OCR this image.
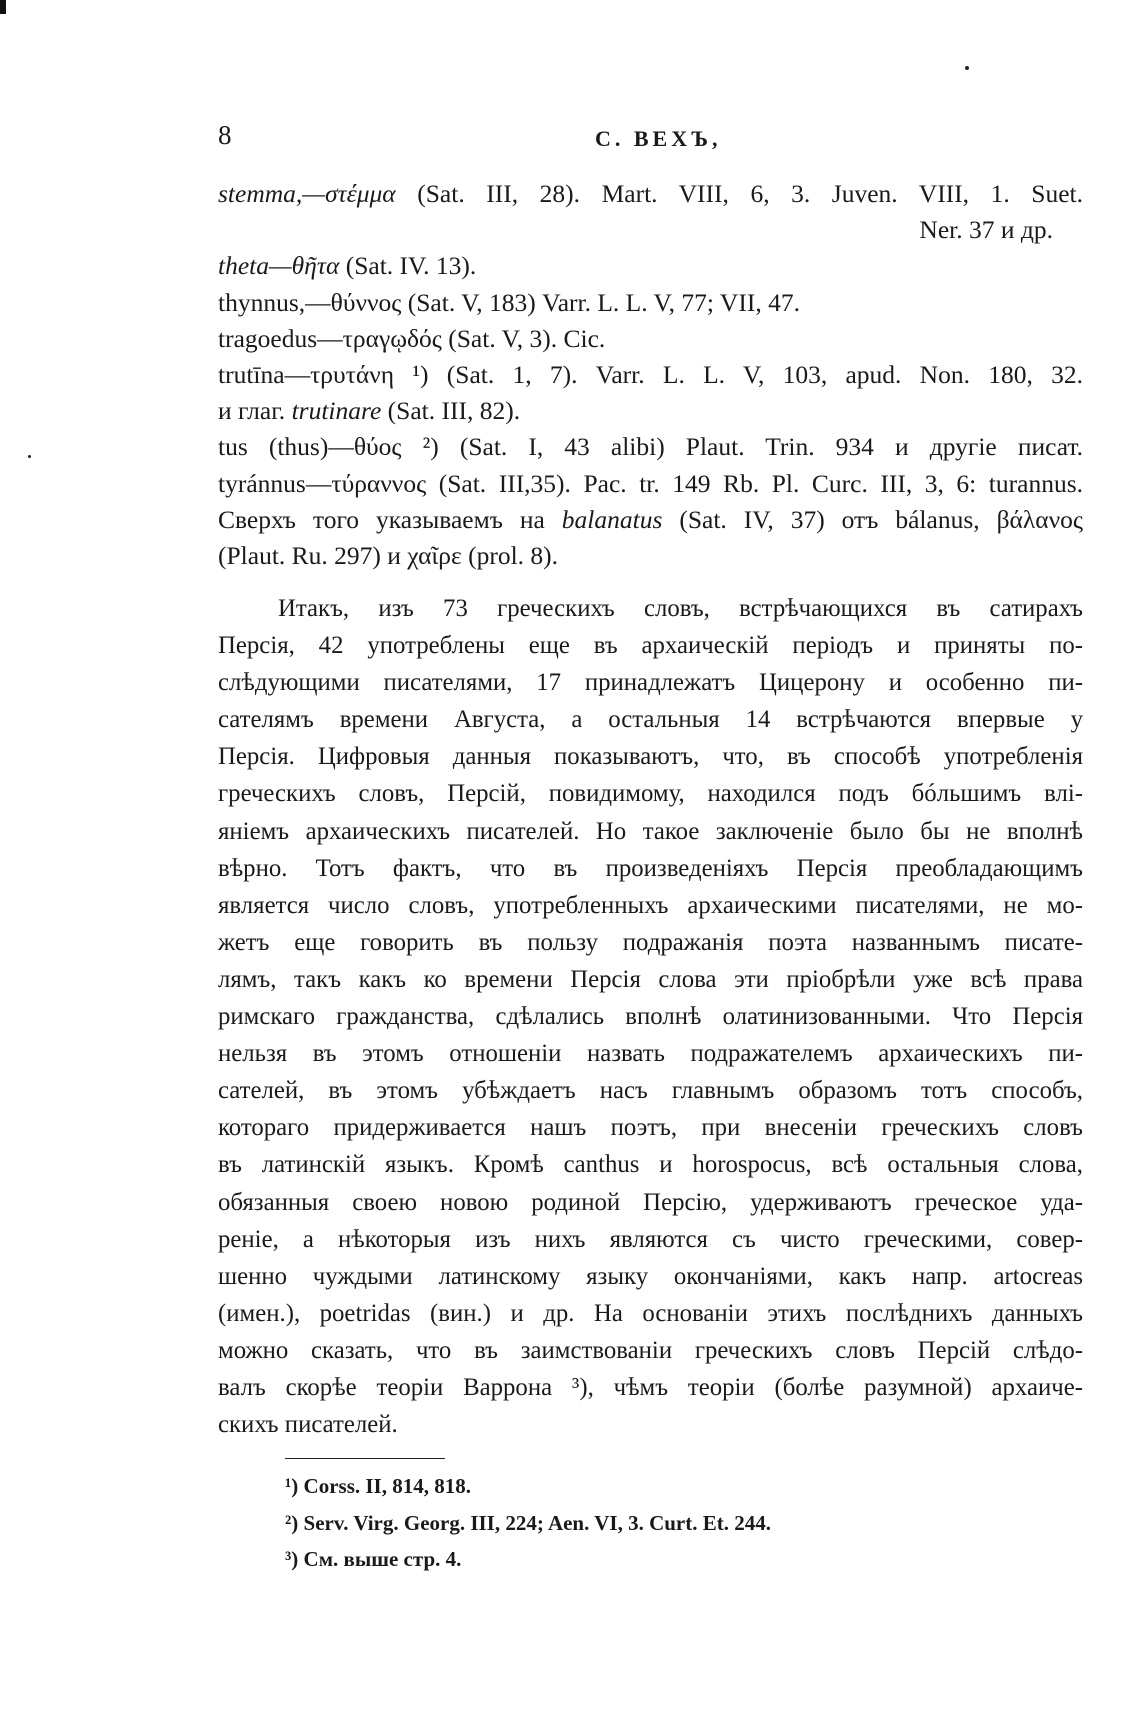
8	С. ВЕХЪ,
stemma,—στέμμα (Sat. III, 28). Mart. VIII, 6, 3. Juven. VIII, 1. Suet.
Ner. 37 и др.
theta—θῆτα (Sat. IV. 13).
thynnus,—θύννος (Sat. V, 183) Varr. L. L. V, 77; VII, 47.
tragoedus—τραγῳδός (Sat. V, 3). Cic.
trutīna—τρυτάνη ¹) (Sat. 1, 7). Varr. L. L. V, 103, apud. Non. 180, 32.
и глаг. trutinare (Sat. III, 82).
tus (thus)—θύος ²) (Sat. I, 43 alibi) Plaut. Trin. 934 и другіе писат.
tyránnus—τύραννος (Sat. III,35). Pac. tr. 149 Rb. Pl. Curc. III, 3, 6: turannus.
Сверхъ того указываемъ на balanatus (Sat. IV, 37) отъ bálanus, βάλανος
(Plaut. Ru. 297) и χαῖρε (prol. 8).
Итакъ, изъ 73 греческихъ словъ, встрѣчающихся въ сатирахъ
Персія, 42 употреблены еще въ архаическій періодъ и приняты по-
слѣдующими писателями, 17 принадлежатъ Цицерону и особенно пи-
сателямъ времени Августа, а остальныя 14 встрѣчаются впервые у
Персія. Цифровыя данныя показываютъ, что, въ способѣ употребленія
греческихъ словъ, Персій, повидимому, находился подъ бóльшимъ влі-
яніемъ архаическихъ писателей. Но такое заключеніе было бы не вполнѣ
вѣрно. Тотъ фактъ, что въ произведеніяхъ Персія преобладающимъ
является число словъ, употребленныхъ архаическими писателями, не мо-
жетъ еще говорить въ пользу подражанія поэта названнымъ писате-
лямъ, такъ какъ ко времени Персія слова эти пріобрѣли уже всѣ права
римскаго гражданства, сдѣлались вполнѣ олатинизованными. Что Персія
нельзя въ этомъ отношеніи назвать подражателемъ архаическихъ пи-
сателей, въ этомъ убѣждаетъ насъ главнымъ образомъ тотъ способъ,
котораго придерживается нашъ поэтъ, при внесеніи греческихъ словъ
въ латинскій языкъ. Кромѣ canthus и horospocus, всѣ остальныя слова,
обязанныя своею новою родиной Персію, удерживаютъ греческое уда-
реніе, а нѣкоторыя изъ нихъ являются съ чисто греческими, совер-
шенно чуждыми латинскому языку окончаніями, какъ напр. artocreas
(имен.), poetridas (вин.) и др. На основаніи этихъ послѣднихъ данныхъ
можно сказать, что въ заимствованіи греческихъ словъ Персій слѣдо-
валъ скорѣе теоріи Варрона ³), чѣмъ теоріи (болѣе разумной) архаиче-
скихъ писателей.
¹) Corss. II, 814, 818.
²) Serv. Virg. Georg. III, 224; Aen. VI, 3. Curt. Et. 244.
³) См. выше стр. 4.
